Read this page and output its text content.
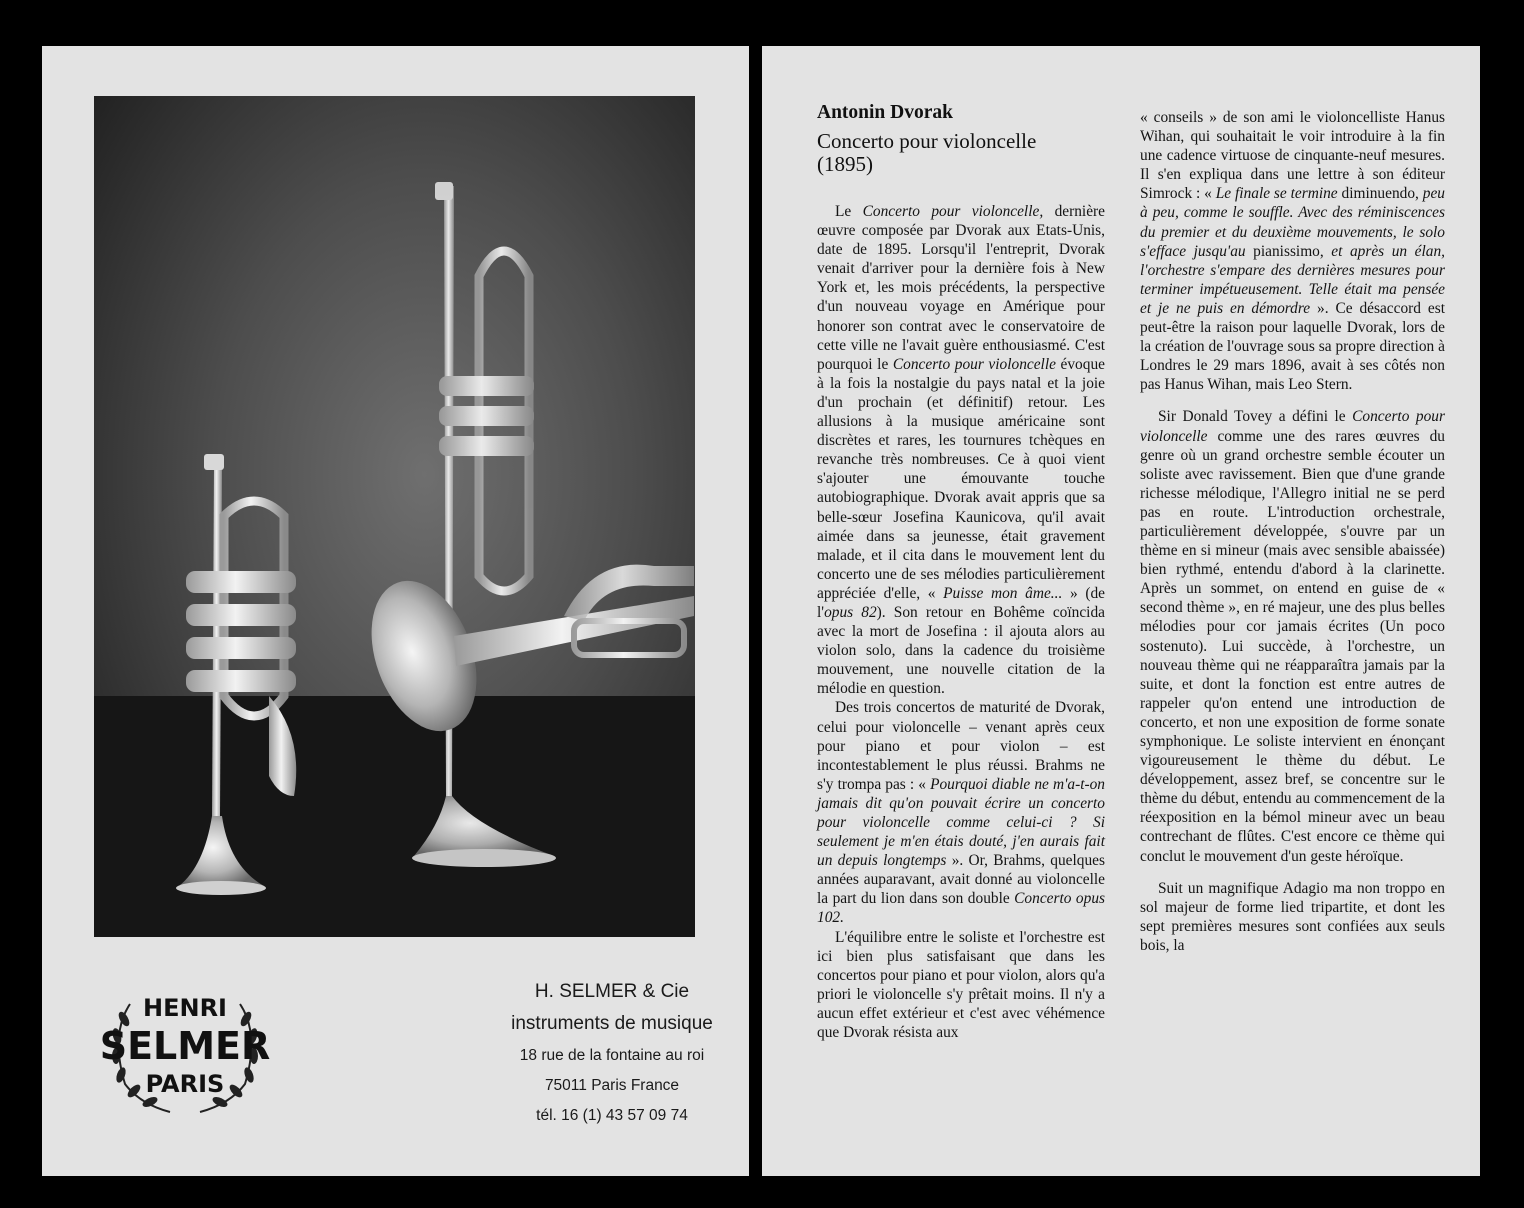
HENRI
SELMER
PARIS
H. SELMER & Cie
instruments de musique
18 rue de la fontaine au roi
75011 Paris France
tél. 16 (1) 43 57 09 74
Antonin Dvorak
Concerto pour violoncelle
(1895)

Le Concerto pour violoncelle, dernière œuvre composée par Dvorak aux Etats-Unis, date de 1895. Lorsqu'il l'entreprit, Dvorak venait d'arriver pour la dernière fois à New York et, les mois précédents, la perspective d'un nouveau voyage en Amérique pour honorer son contrat avec le conservatoire de cette ville ne l'avait guère enthousiasmé. C'est pourquoi le Concerto pour violoncelle évoque à la fois la nostalgie du pays natal et la joie d'un prochain (et définitif) retour. Les allusions à la musique américaine sont discrètes et rares, les tournures tchèques en revanche très nombreuses. Ce à quoi vient s'ajouter une émouvante touche autobiographique. Dvorak avait appris que sa belle-sœur Josefina Kaunicova, qu'il avait aimée dans sa jeunesse, était gravement malade, et il cita dans le mouvement lent du concerto une de ses mélodies particulièrement appréciée d'elle, « Puisse mon âme... » (de l'opus 82). Son retour en Bohême coïncida avec la mort de Josefina : il ajouta alors au violon solo, dans la cadence du troisième mouvement, une nouvelle citation de la mélodie en question.

Des trois concertos de maturité de Dvorak, celui pour violoncelle – venant après ceux pour piano et pour violon – est incontestablement le plus réussi. Brahms ne s'y trompa pas : « Pourquoi diable ne m'a-t-on jamais dit qu'on pouvait écrire un concerto pour violoncelle comme celui-ci ? Si seulement je m'en étais douté, j'en aurais fait un depuis longtemps ». Or, Brahms, quelques années auparavant, avait donné au violoncelle la part du lion dans son double Concerto opus 102.

L'équilibre entre le soliste et l'orchestre est ici bien plus satisfaisant que dans les concertos pour piano et pour violon, alors qu'a priori le violoncelle s'y prêtait moins. Il n'y a aucun effet extérieur et c'est avec véhémence que Dvorak résista aux

« conseils » de son ami le violoncelliste Hanus Wihan, qui souhaitait le voir introduire à la fin une cadence virtuose de cinquante-neuf mesures. Il s'en expliqua dans une lettre à son éditeur Simrock : « Le finale se termine diminuendo, peu à peu, comme le souffle. Avec des réminiscences du premier et du deuxième mouvements, le solo s'efface jusqu'au pianissimo, et après un élan, l'orchestre s'empare des dernières mesures pour terminer impétueusement. Telle était ma pensée et je ne puis en démordre ». Ce désaccord est peut-être la raison pour laquelle Dvorak, lors de la création de l'ouvrage sous sa propre direction à Londres le 29 mars 1896, avait à ses côtés non pas Hanus Wihan, mais Leo Stern.

Sir Donald Tovey a défini le Concerto pour violoncelle comme une des rares œuvres du genre où un grand orchestre semble écouter un soliste avec ravissement. Bien que d'une grande richesse mélodique, l'Allegro initial ne se perd pas en route. L'introduction orchestrale, particulièrement développée, s'ouvre par un thème en si mineur (mais avec sensible abaissée) bien rythmé, entendu d'abord à la clarinette. Après un sommet, on entend en guise de « second thème », en ré majeur, une des plus belles mélodies pour cor jamais écrites (Un poco sostenuto). Lui succède, à l'orchestre, un nouveau thème qui ne réapparaîtra jamais par la suite, et dont la fonction est entre autres de rappeler qu'on entend une introduction de concerto, et non une exposition de forme sonate symphonique. Le soliste intervient en énonçant vigoureusement le thème du début. Le développement, assez bref, se concentre sur le thème du début, entendu au commencement de la réexposition en la bémol mineur avec un beau contrechant de flûtes. C'est encore ce thème qui conclut le mouvement d'un geste héroïque.

Suit un magnifique Adagio ma non troppo en sol majeur de forme lied tripartite, et dont les sept premières mesures sont confiées aux seuls bois, la
